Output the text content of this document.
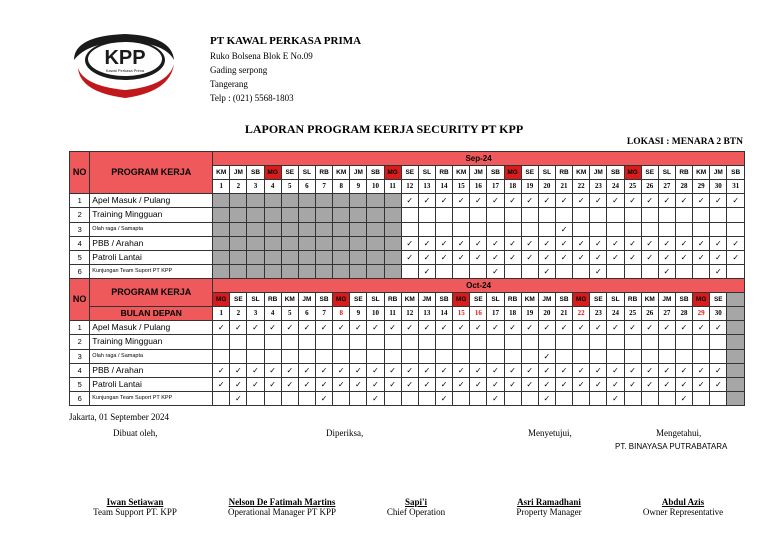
KPP
Kawal Perkasa Prima
PT KAWAL PERKASA PRIMA
Ruko Bolsena Blok E No.09
Gading serpong
Tangerang
Telp : (021) 5568-1803
LAPORAN PROGRAM KERJA SECURITY PT KPP
LOKASI : MENARA 2 BTN
NO	PROGRAM KERJA	Sep-24																														
		KM	JM	SB	MG	SE	SL	RB	KM	JM	SB	MG	SE	SL	RB	KM	JM	SB	MG	SE	SL	RB	KM	JM	SB	MG	SE	SL	RB	KM	JM	SB
		1	2	3	4	5	6	7	8	9	10	11	12	13	14	15	16	17	18	19	20	21	22	23	24	25	26	27	28	29	30	31
1	Apel Masuk / Pulang												✓	✓	✓	✓	✓	✓	✓	✓	✓	✓	✓	✓	✓	✓	✓	✓	✓	✓	✓	✓
2	Training Mingguan																															
3	Olah raga / Samapta																					✓										
4	PBB / Arahan												✓	✓	✓	✓	✓	✓	✓	✓	✓	✓	✓	✓	✓	✓	✓	✓	✓	✓	✓	✓
5	Patroli Lantai												✓	✓	✓	✓	✓	✓	✓	✓	✓	✓	✓	✓	✓	✓	✓	✓	✓	✓	✓	✓
6	Kunjungan Team Suport PT KPP													✓				✓			✓			✓				✓			✓	
NO	PROGRAM KERJA	Oct-24																														
		MG	SE	SL	RB	KM	JM	SB	MG	SE	SL	RB	KM	JM	SB	MG	SE	SL	RB	KM	JM	SB	MG	SE	SL	RB	KM	JM	SB	MG	SE	
	BULAN DEPAN	1	2	3	4	5	6	7	8	9	10	11	12	13	14	15	16	17	18	19	20	21	22	23	24	25	26	27	28	29	30	
1	Apel Masuk / Pulang	✓	✓	✓	✓	✓	✓	✓	✓	✓	✓	✓	✓	✓	✓	✓	✓	✓	✓	✓	✓	✓	✓	✓	✓	✓	✓	✓	✓	✓	✓	
2	Training Mingguan																															
3	Olah raga / Samapta																				✓											
4	PBB / Arahan	✓	✓	✓	✓	✓	✓	✓	✓	✓	✓	✓	✓	✓	✓	✓	✓	✓	✓	✓	✓	✓	✓	✓	✓	✓	✓	✓	✓	✓	✓	
5	Patroli Lantai	✓	✓	✓	✓	✓	✓	✓	✓	✓	✓	✓	✓	✓	✓	✓	✓	✓	✓	✓	✓	✓	✓	✓	✓	✓	✓	✓	✓	✓	✓	
6	Kunjungan Team Suport PT KPP		✓					✓			✓				✓			✓			✓				✓				✓			
Jakarta, 01 September 2024
Dibuat oleh,	Diperiksa,	Menyetujui,	Mengetahui,
PT. BINAYASA PUTRABATARA
Iwan Setiawan
Team Support PT. KPP
Nelson De Fatimah Martins
Operational Manager PT KPP
Sapi'i
Chief Operation
Asri Ramadhani
Property Manager
Abdul Azis
Owner Representative
